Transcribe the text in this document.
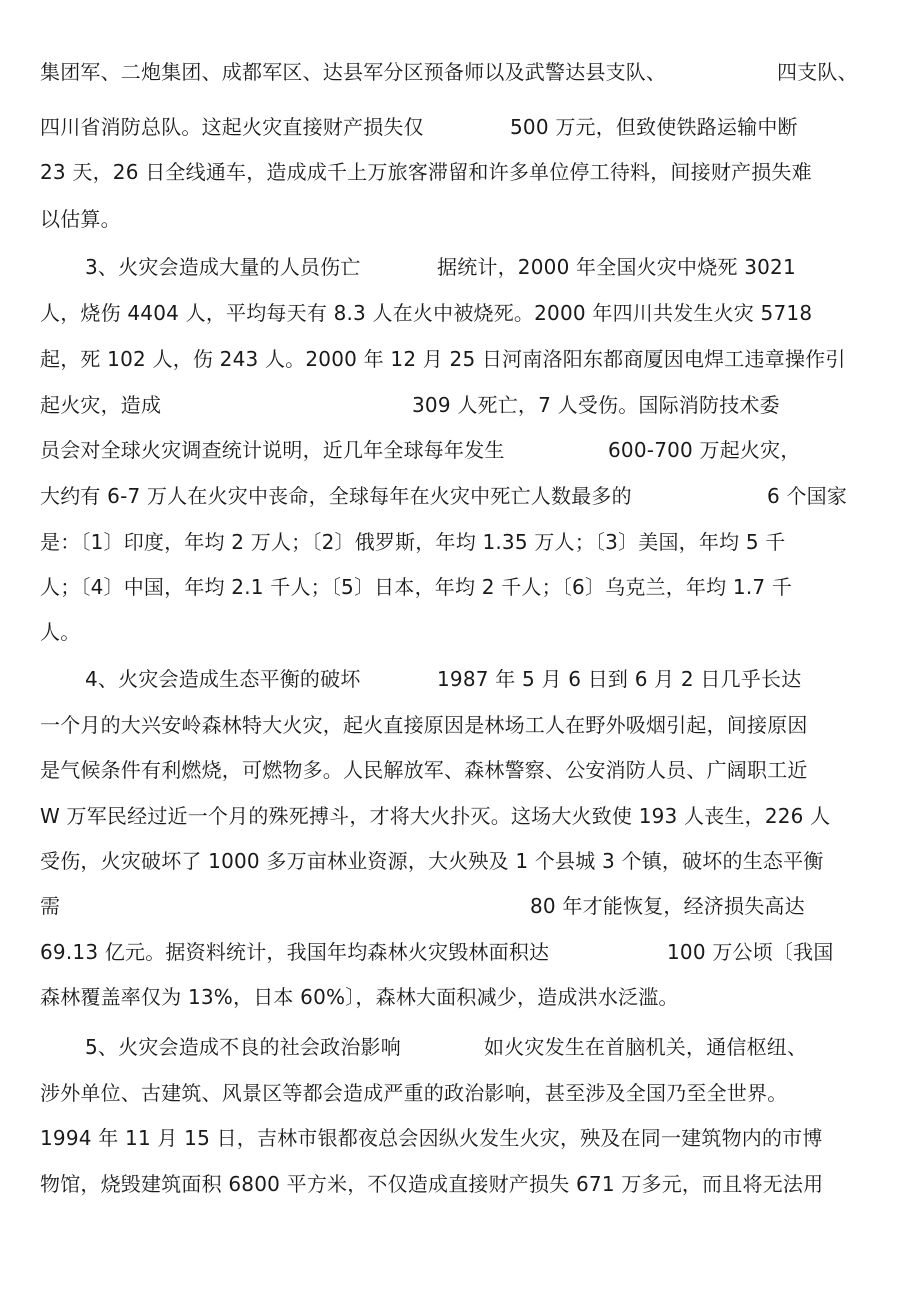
集团军、二炮集团、成都军区、达县军分区预备师以及武警达县支队、	四支队、
四川省消防总队。这起火灾直接财产损失仅	500 万元，但致使铁路运输中断
23 天，26 日全线通车，造成成千上万旅客滞留和许多单位停工待料，间接财产损失难
以估算。
3、火灾会造成大量的人员伤亡	据统计，2000 年全国火灾中烧死 3021
人，烧伤 4404 人，平均每天有 8.3 人在火中被烧死。2000 年四川共发生火灾 5718
起，死 102 人，伤 243 人。2000 年 12 月 25 日河南洛阳东都商厦因电焊工违章操作引
起火灾，造成	309 人死亡，7 人受伤。国际消防技术委
员会对全球火灾调查统计说明，近几年全球每年发生	600-700 万起火灾，
大约有 6-7 万人在火灾中丧命，全球每年在火灾中死亡人数最多的	6 个国家
是：〔1〕印度，年均 2 万人；〔2〕俄罗斯，年均 1.35 万人；〔3〕美国，年均 5 千
人；〔4〕中国，年均 2.1 千人；〔5〕日本，年均 2 千人；〔6〕乌克兰，年均 1.7 千
人。
4、火灾会造成生态平衡的破坏	1987 年 5 月 6 日到 6 月 2 日几乎长达
一个月的大兴安岭森林特大火灾，起火直接原因是林场工人在野外吸烟引起，间接原因
是气候条件有利燃烧，可燃物多。人民解放军、森林警察、公安消防人员、广阔职工近
W 万军民经过近一个月的殊死搏斗，才将大火扑灭。这场大火致使 193 人丧生，226 人
受伤，火灾破坏了 1000 多万亩林业资源，大火殃及 1 个县城 3 个镇，破坏的生态平衡
需	80 年才能恢复，经济损失高达
69.13 亿元。据资料统计，我国年均森林火灾毁林面积达	100 万公顷〔我国
森林覆盖率仅为 13%，日本 60%〕，森林大面积减少，造成洪水泛滥。
5、火灾会造成不良的社会政治影响	如火灾发生在首脑机关，通信枢纽、
涉外单位、古建筑、风景区等都会造成严重的政治影响，甚至涉及全国乃至全世界。
1994 年 11 月 15 日，吉林市银都夜总会因纵火发生火灾，殃及在同一建筑物内的市博
物馆，烧毁建筑面积 6800 平方米，不仅造成直接财产损失 671 万多元，而且将无法用
